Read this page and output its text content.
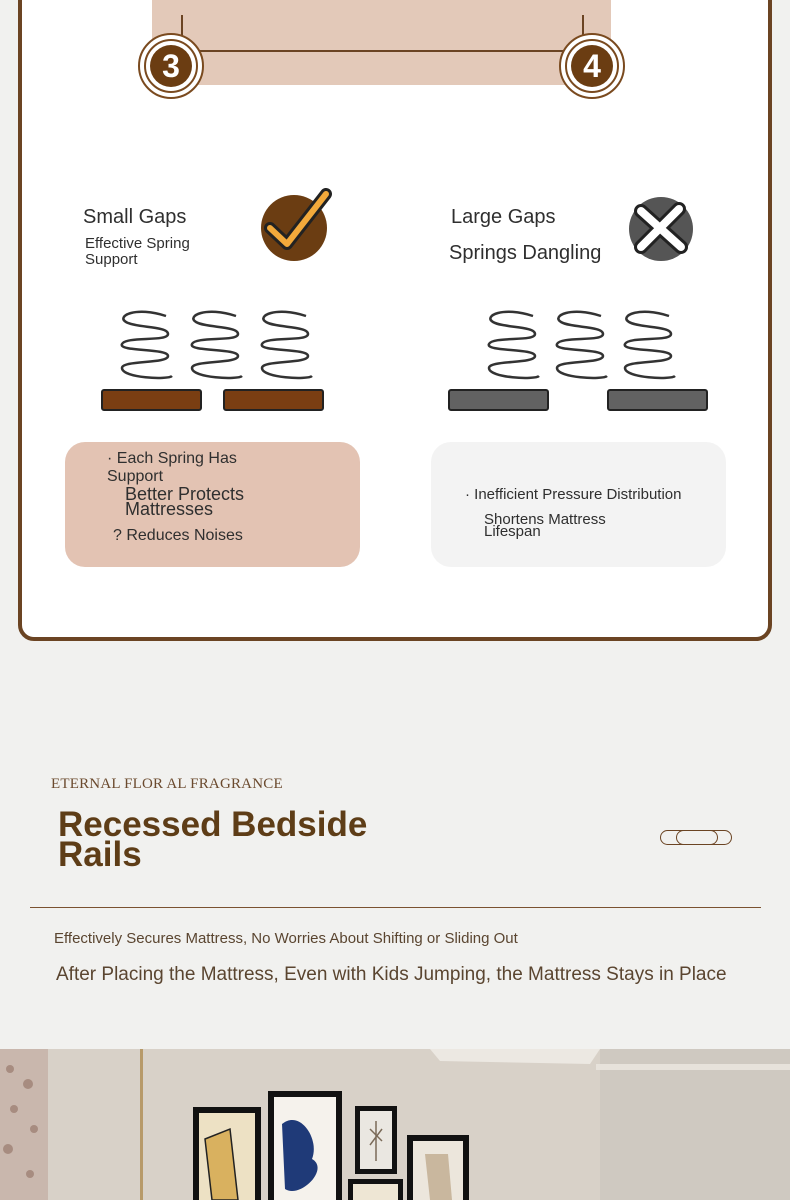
3	4
Small Gaps
Effective Spring
Support
Large Gaps
Springs Dangling
· Each Spring Has
Support
Better Protects
Mattresses
? Reduces Noises
· Inefficient Pressure Distribution
Shortens Mattress
Lifespan
ETERNAL FLOR AL FRAGRANCE
Recessed Bedside
Rails
Effectively Secures Mattress, No Worries About Shifting or Sliding Out
After Placing the Mattress, Even with Kids Jumping, the Mattress Stays in Place
